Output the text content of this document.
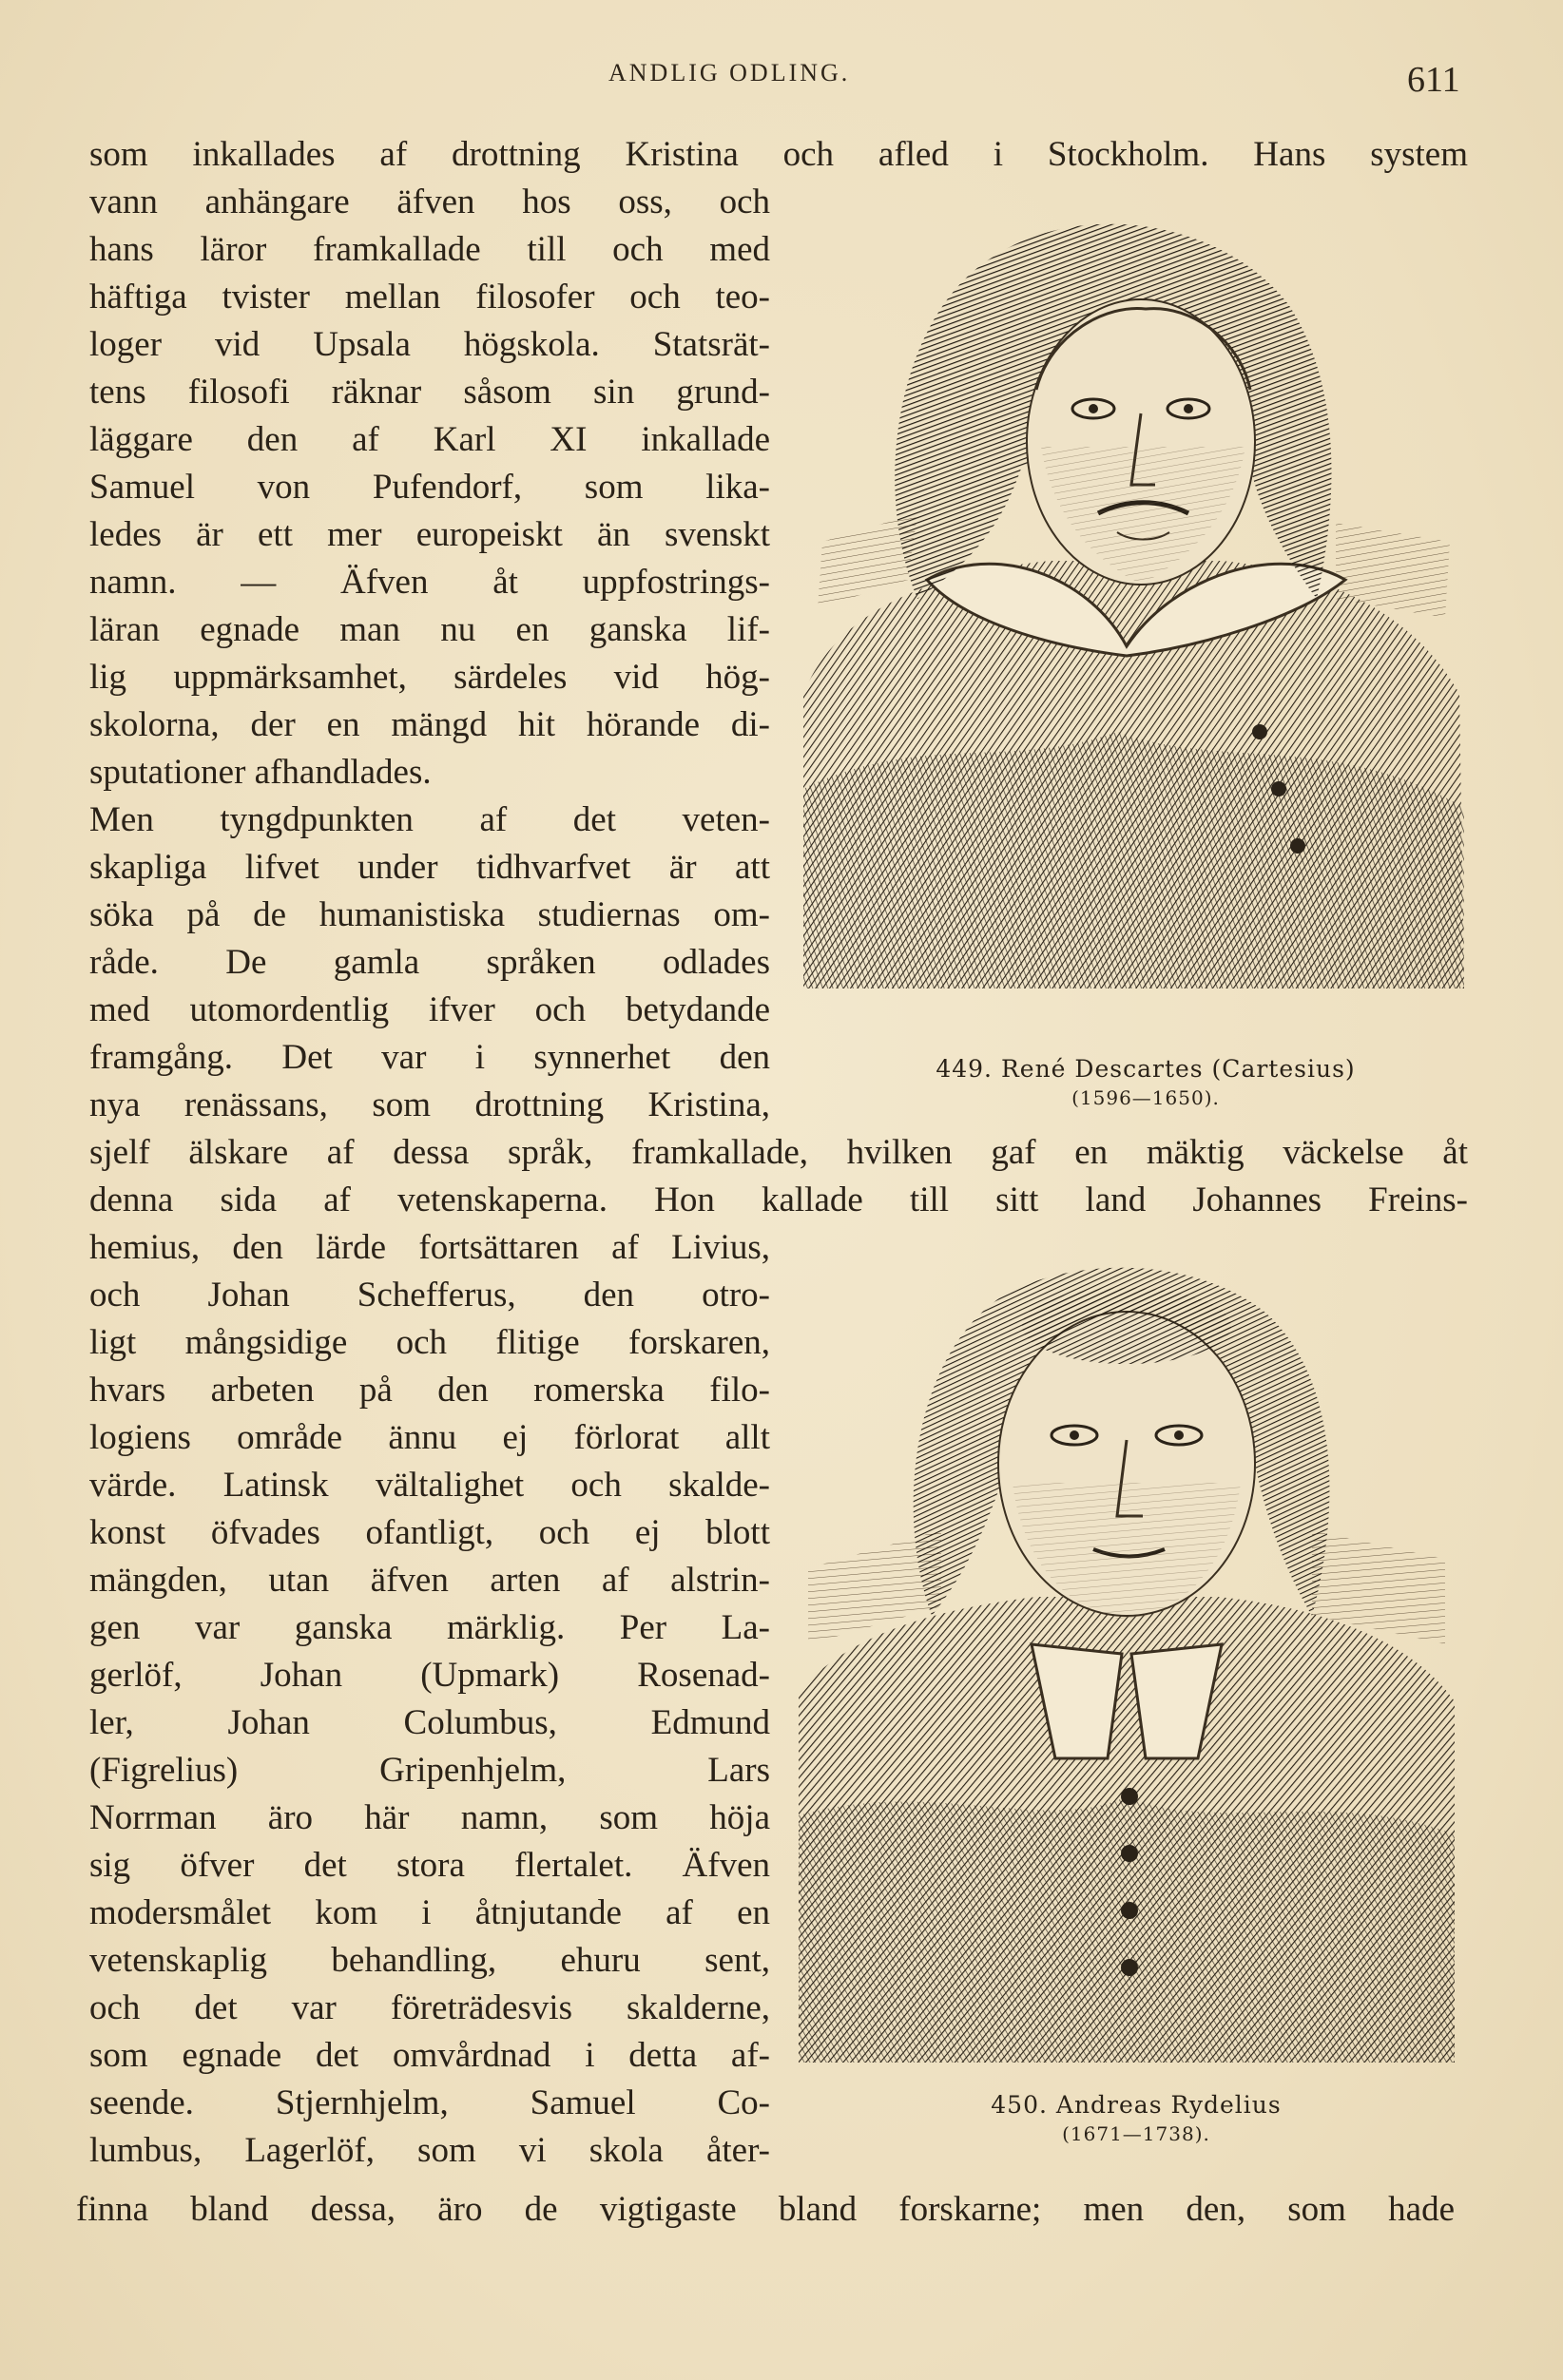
ANDLIG ODLING.	611
som inkallades af drottning Kristina och afled i Stockholm. Hans system
vann anhängare äfven hos oss, och
hans läror framkallade till och med
häftiga tvister mellan filosofer och teo-
loger vid Upsala högskola. Statsrät-
tens filosofi räknar såsom sin grund-
läggare den af Karl XI inkallade
Samuel von Pufendorf, som lika-
ledes är ett mer europeiskt än svenskt
namn. — Äfven åt uppfostrings-
läran egnade man nu en ganska lif-
lig uppmärksamhet, särdeles vid hög-
skolorna, der en mängd hit hörande di-
sputationer afhandlades.
Men tyngdpunkten af det veten-
skapliga lifvet under tidhvarfvet är att
söka på de humanistiska studiernas om-
råde. De gamla språken odlades
med utomordentlig ifver och betydande
framgång. Det var i synnerhet den
nya renässans, som drottning Kristina,
449. René Descartes (Cartesius)
(1596—1650).
sjelf älskare af dessa språk, framkallade, hvilken gaf en mäktig väckelse åt
denna sida af vetenskaperna. Hon kallade till sitt land Johannes Freins-
hemius, den lärde fortsättaren af Livius,
och Johan Schefferus, den otro-
ligt mångsidige och flitige forskaren,
hvars arbeten på den romerska filo-
logiens område ännu ej förlorat allt
värde. Latinsk vältalighet och skalde-
konst öfvades ofantligt, och ej blott
mängden, utan äfven arten af alstrin-
gen var ganska märklig. Per La-
gerlöf, Johan (Upmark) Rosenad-
ler, Johan Columbus, Edmund
(Figrelius) Gripenhjelm, Lars
Norrman äro här namn, som höja
sig öfver det stora flertalet. Äfven
modersmålet kom i åtnjutande af en
vetenskaplig behandling, ehuru sent,
och det var företrädesvis skalderne,
som egnade det omvårdnad i detta af-
seende. Stjernhjelm, Samuel Co-
lumbus, Lagerlöf, som vi skola åter-
450. Andreas Rydelius
(1671—1738).
finna bland dessa, äro de vigtigaste bland forskarne; men den, som hade
